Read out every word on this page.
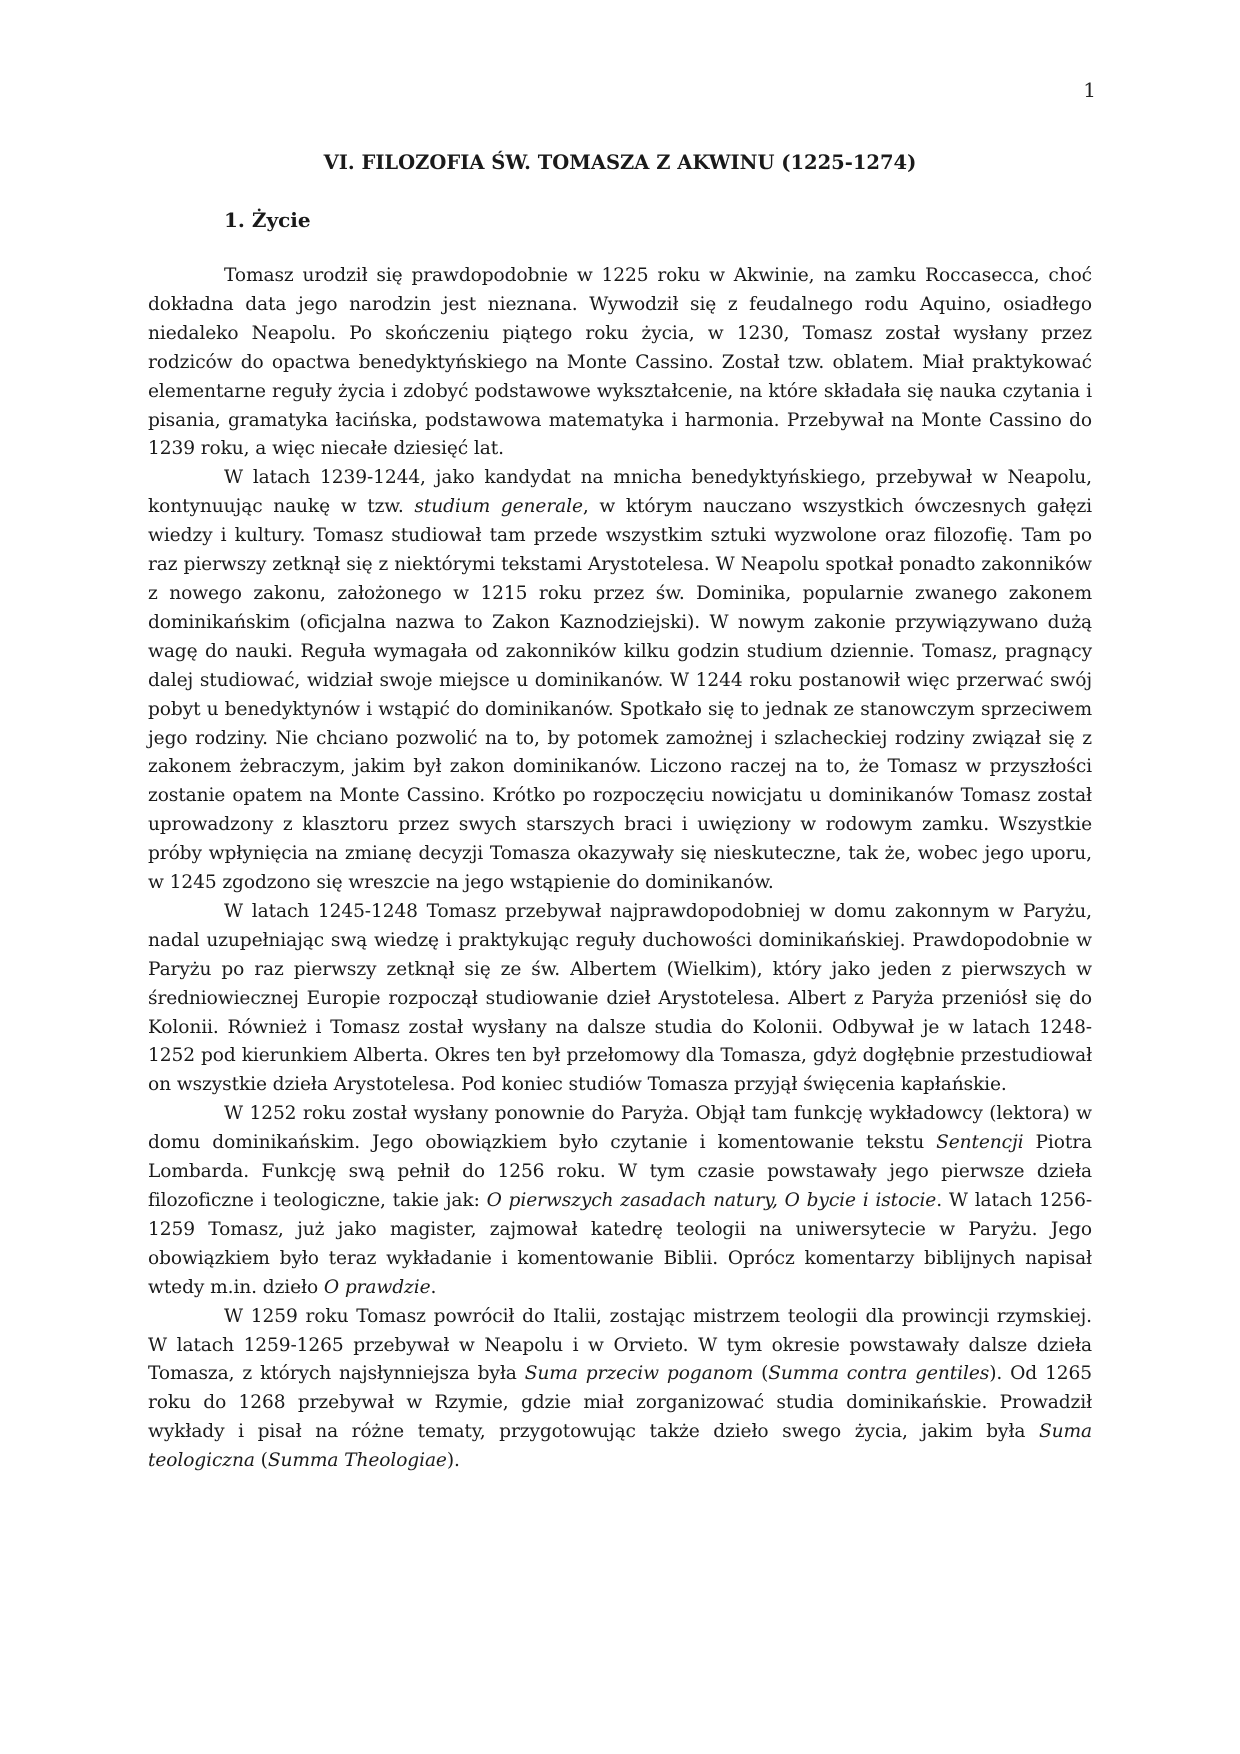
1
VI. FILOZOFIA ŚW. TOMASZA Z AKWINU (1225-1274)
1. Życie

Tomasz urodził się prawdopodobnie w 1225 roku w Akwinie, na zamku Roccasecca, choć dokładna data jego narodzin jest nieznana. Wywodził się z feudalnego rodu Aquino, osiadłego niedaleko Neapolu. Po skończeniu piątego roku życia, w 1230, Tomasz został wysłany przez rodziców do opactwa benedyktyńskiego na Monte Cassino. Został tzw. oblatem. Miał praktykować elementarne reguły życia i zdobyć podstawowe wykształcenie, na które składała się nauka czytania i pisania, gramatyka łacińska, podstawowa matematyka i harmonia. Przebywał na Monte Cassino do 1239 roku, a więc niecałe dziesięć lat.

W latach 1239-1244, jako kandydat na mnicha benedyktyńskiego, przebywał w Neapolu, kontynuując naukę w tzw. studium generale, w którym nauczano wszystkich ówczesnych gałęzi wiedzy i kultury. Tomasz studiował tam przede wszystkim sztuki wyzwolone oraz filozofię. Tam po raz pierwszy zetknął się z niektórymi tekstami Arystotelesa. W Neapolu spotkał ponadto zakonników z nowego zakonu, założonego w 1215 roku przez św. Dominika, popularnie zwanego zakonem dominikańskim (oficjalna nazwa to Zakon Kaznodziejski). W nowym zakonie przywiązywano dużą wagę do nauki. Reguła wymagała od zakonników kilku godzin studium dziennie. Tomasz, pragnący dalej studiować, widział swoje miejsce u dominikanów. W 1244 roku postanowił więc przerwać swój pobyt u benedyktynów i wstąpić do dominikanów. Spotkało się to jednak ze stanowczym sprzeciwem jego rodziny. Nie chciano pozwolić na to, by potomek zamożnej i szlacheckiej rodziny związał się z zakonem żebraczym, jakim był zakon dominikanów. Liczono raczej na to, że Tomasz w przyszłości zostanie opatem na Monte Cassino. Krótko po rozpoczęciu nowicjatu u dominikanów Tomasz został uprowadzony z klasztoru przez swych starszych braci i uwięziony w rodowym zamku. Wszystkie próby wpłynięcia na zmianę decyzji Tomasza okazywały się nieskuteczne, tak że, wobec jego uporu, w 1245 zgodzono się wreszcie na jego wstąpienie do dominikanów.

W latach 1245-1248 Tomasz przebywał najprawdopodobniej w domu zakonnym w Paryżu, nadal uzupełniając swą wiedzę i praktykując reguły duchowości dominikańskiej. Prawdopodobnie w Paryżu po raz pierwszy zetknął się ze św. Albertem (Wielkim), który jako jeden z pierwszych w średniowiecznej Europie rozpoczął studiowanie dzieł Arystotelesa. Albert z Paryża przeniósł się do Kolonii. Również i Tomasz został wysłany na dalsze studia do Kolonii. Odbywał je w latach 1248-1252 pod kierunkiem Alberta. Okres ten był przełomowy dla Tomasza, gdyż dogłębnie przestudiował on wszystkie dzieła Arystotelesa. Pod koniec studiów Tomasza przyjął święcenia kapłańskie.

W 1252 roku został wysłany ponownie do Paryża. Objął tam funkcję wykładowcy (lektora) w domu dominikańskim. Jego obowiązkiem było czytanie i komentowanie tekstu Sentencji Piotra Lombarda. Funkcję swą pełnił do 1256 roku. W tym czasie powstawały jego pierwsze dzieła filozoficzne i teologiczne, takie jak: O pierwszych zasadach natury, O bycie i istocie. W latach 1256-1259 Tomasz, już jako magister, zajmował katedrę teologii na uniwersytecie w Paryżu. Jego obowiązkiem było teraz wykładanie i komentowanie Biblii. Oprócz komentarzy biblijnych napisał wtedy m.in. dzieło O prawdzie.

W 1259 roku Tomasz powrócił do Italii, zostając mistrzem teologii dla prowincji rzymskiej. W latach 1259-1265 przebywał w Neapolu i w Orvieto. W tym okresie powstawały dalsze dzieła Tomasza, z których najsłynniejsza była Suma przeciw poganom (Summa contra gentiles). Od 1265 roku do 1268 przebywał w Rzymie, gdzie miał zorganizować studia dominikańskie. Prowadził wykłady i pisał na różne tematy, przygotowując także dzieło swego życia, jakim była Suma teologiczna (Summa Theologiae).
